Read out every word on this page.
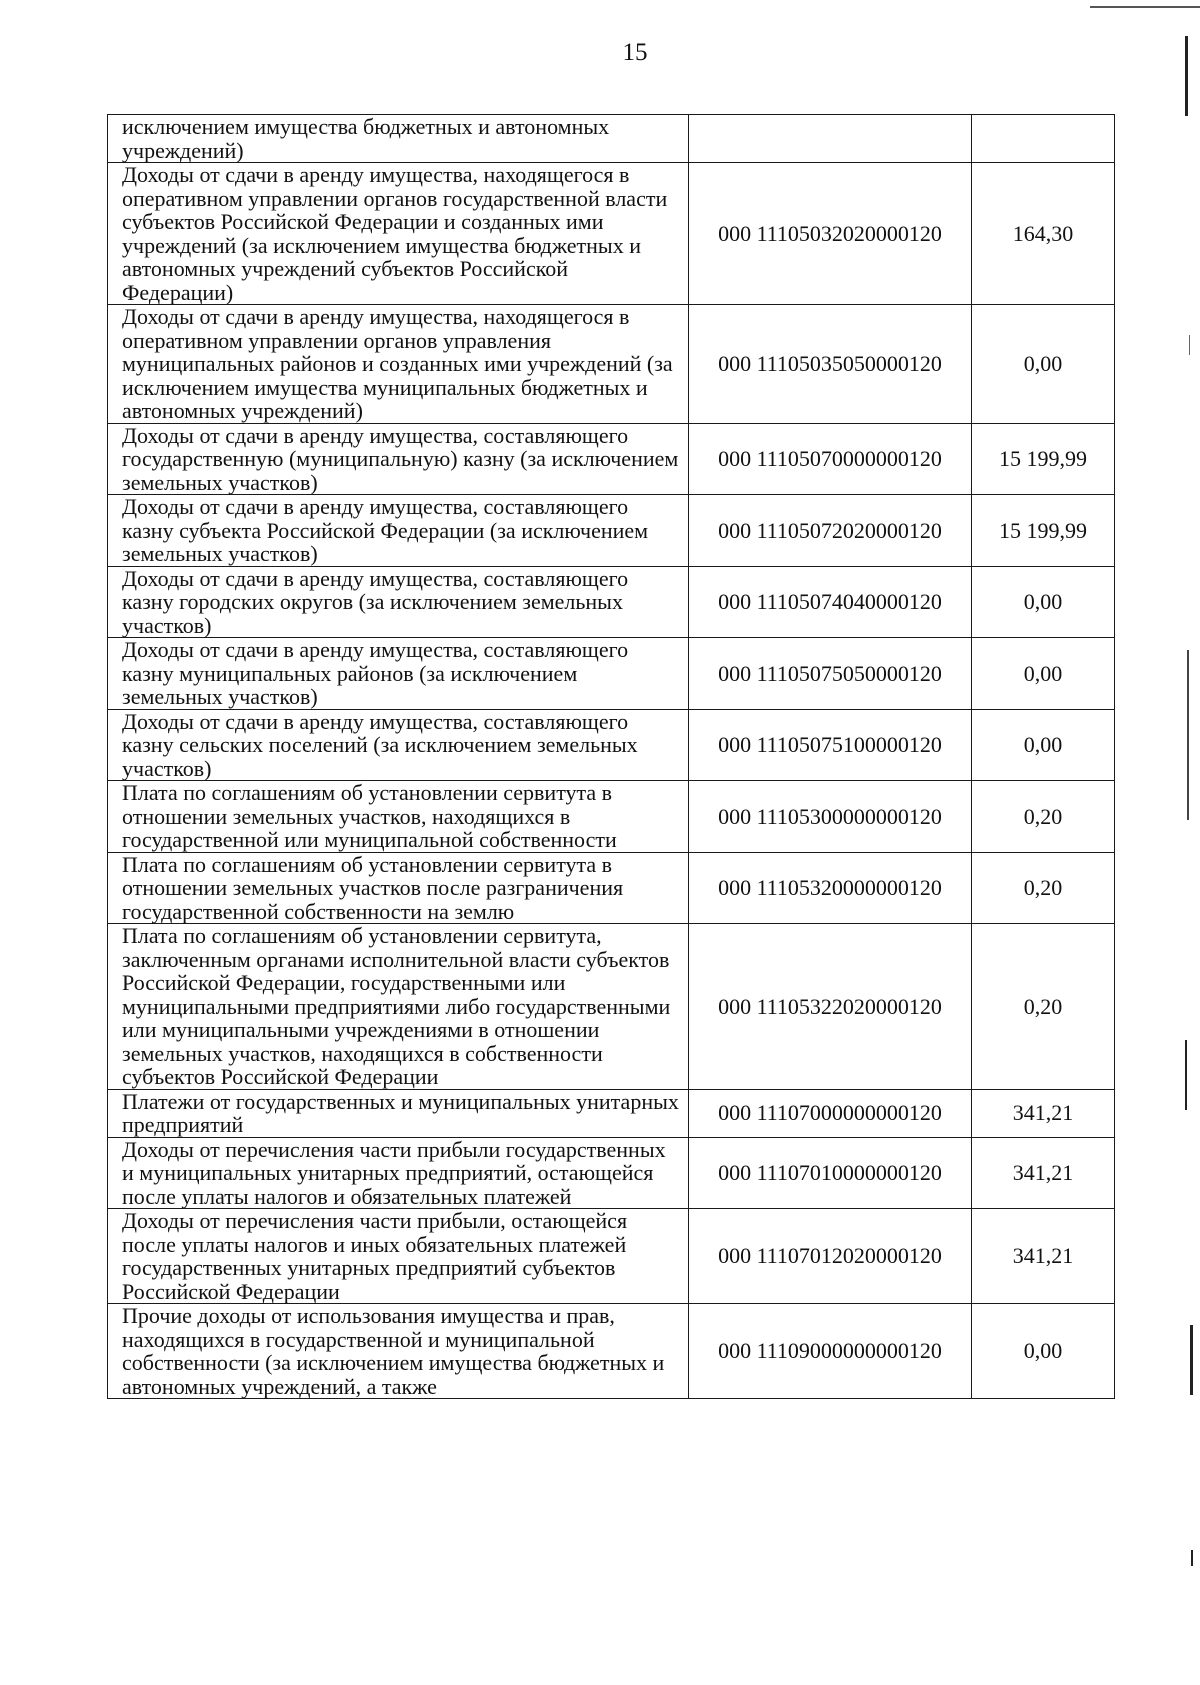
15
исключением имущества бюджетных и автономных учреждений)		
Доходы от сдачи в аренду имущества, находящегося в оперативном управлении органов государственной власти субъектов Российской Федерации и созданных ими учреждений (за исключением имущества бюджетных и автономных учреждений субъектов Российской Федерации)	000 11105032020000120	164,30
Доходы от сдачи в аренду имущества, находящегося в оперативном управлении органов управления муниципальных районов и созданных ими учреждений (за исключением имущества муниципальных бюджетных и автономных учреждений)	000 11105035050000120	0,00
Доходы от сдачи в аренду имущества, составляющего государственную (муниципальную) казну (за исключением земельных участков)	000 11105070000000120	15 199,99
Доходы от сдачи в аренду имущества, составляющего казну субъекта Российской Федерации (за исключением земельных участков)	000 11105072020000120	15 199,99
Доходы от сдачи в аренду имущества, составляющего казну городских округов (за исключением земельных участков)	000 11105074040000120	0,00
Доходы от сдачи в аренду имущества, составляющего казну муниципальных районов (за исключением земельных участков)	000 11105075050000120	0,00
Доходы от сдачи в аренду имущества, составляющего казну сельских поселений (за исключением земельных участков)	000 11105075100000120	0,00
Плата по соглашениям об установлении сервитута в отношении земельных участков, находящихся в государственной или муниципальной собственности	000 11105300000000120	0,20
Плата по соглашениям об установлении сервитута в отношении земельных участков после разграничения государственной собственности на землю	000 11105320000000120	0,20
Плата по соглашениям об установлении сервитута, заключенным органами исполнительной власти субъектов Российской Федерации, государственными или муниципальными предприятиями либо государственными или муниципальными учреждениями в отношении земельных участков, находящихся в собственности субъектов Российской Федерации	000 11105322020000120	0,20
Платежи от государственных и муниципальных унитарных предприятий	000 11107000000000120	341,21
Доходы от перечисления части прибыли государственных и муниципальных унитарных предприятий, остающейся после уплаты налогов и обязательных платежей	000 11107010000000120	341,21
Доходы от перечисления части прибыли, остающейся после уплаты налогов и иных обязательных платежей государственных унитарных предприятий субъектов Российской Федерации	000 11107012020000120	341,21
Прочие доходы от использования имущества и прав, находящихся в государственной и муниципальной собственности (за исключением имущества бюджетных и автономных учреждений, а также	000 11109000000000120	0,00
